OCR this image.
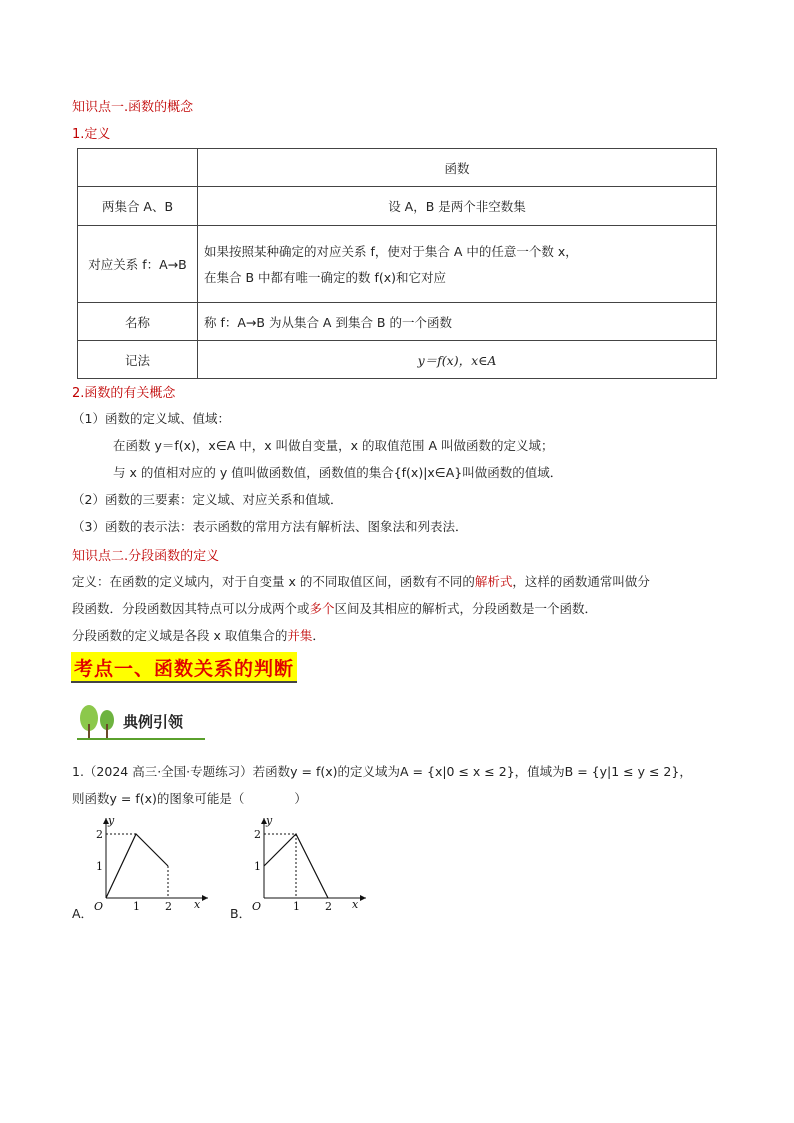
知识点一.函数的概念
1.定义
	函数
两集合 A、B	设 A，B 是两个非空数集
对应关系 f：A→B	如果按照某种确定的对应关系 f，使对于集合 A 中的任意一个数 x，
在集合 B 中都有唯一确定的数 f(x)和它对应

名称	称 f：A→B 为从集合 A 到集合 B 的一个函数
记法	y＝f(x)，x∈A
2.函数的有关概念
（1）函数的定义域、值域：
在函数 y＝f(x)，x∈A 中，x 叫做自变量，x 的取值范围 A 叫做函数的定义域；
与 x 的值相对应的 y 值叫做函数值，函数值的集合{f(x)|x∈A}叫做函数的值域．
（2）函数的三要素：定义域、对应关系和值域．
（3）函数的表示法：表示函数的常用方法有解析法、图象法和列表法．
知识点二.分段函数的定义
定义：在函数的定义域内，对于自变量 x 的不同取值区间，函数有不同的解析式，这样的函数通常叫做分
段函数．分段函数因其特点可以分成两个或多个区间及其相应的解析式，分段函数是一个函数．
分段函数的定义域是各段 x 取值集合的并集．
考点一、函数关系的判断
典例引领
1.（2024 高三·全国·专题练习）若函数y = f(x)的定义域为A = {x|0 ≤ x ≤ 2}，值域为B = {y|1 ≤ y ≤ 2}，
则函数y = f(x)的图象可能是（　　　　）
y
x
O
2
1
1 2
A．
y
x
O
2
1
1 2
B．
